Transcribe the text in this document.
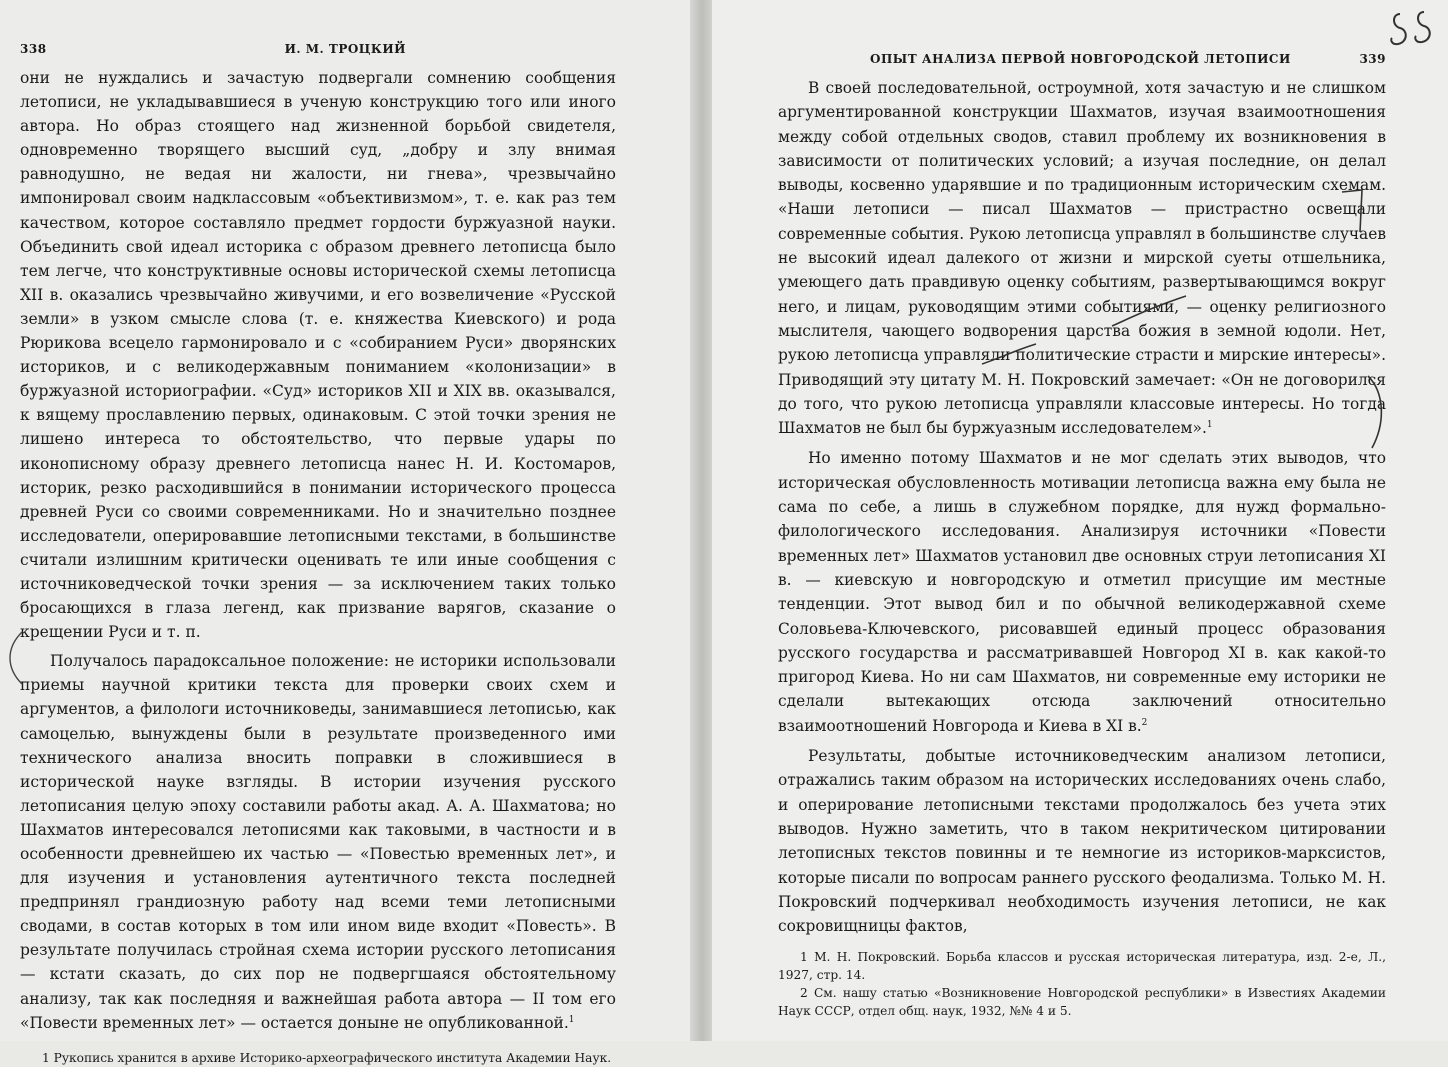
338	И. М. ТРОЦКИЙ

они не нуждались и зачастую подвергали сомнению сообщения летописи, не укладывавшиеся в ученую конструкцию того или иного автора. Но образ стоящего над жизненной борьбой свидетеля, одновременно творящего высший суд, „добру и злу внимая равнодушно, не ведая ни жалости, ни гнева», чрезвычайно импонировал своим надклассовым «объективизмом», т. е. как раз тем качеством, которое составляло предмет гордости буржуазной науки. Объединить свой идеал историка с образом древнего летописца было тем легче, что конструктивные основы исторической схемы летописца XII в. оказались чрезвычайно живучими, и его возвеличение «Русской земли» в узком смысле слова (т. е. княжества Киевского) и рода Рюрикова всецело гармонировало и с «собиранием Руси» дворянских историков, и с великодержавным пониманием «колонизации» в буржуазной историографии. «Суд» историков XII и XIX вв. оказывался, к вящему прославлению первых, одинаковым. С этой точки зрения не лишено интереса то обстоятельство, что первые удары по иконописному образу древнего летописца нанес Н. И. Костомаров, историк, резко расходившийся в понимании исторического процесса древней Руси со своими современниками. Но и значительно позднее исследователи, оперировавшие летописными текстами, в большинстве считали излишним критически оценивать те или иные сообщения с источниковедческой точки зрения — за исключением таких только бросающихся в глаза легенд, как призвание варягов, сказание о крещении Руси и т. п.

Получалось парадоксальное положение: не историки использовали приемы научной критики текста для проверки своих схем и аргументов, а филологи источниковеды, занимавшиеся летописью, как самоцелью, вынуждены были в результате произведенного ими технического анализа вносить поправки в сложившиеся в исторической науке взгляды. В истории изучения русского летописания целую эпоху составили работы акад. А. А. Шахматова; но Шахматов интересовался летописями как таковыми, в частности и в особенности древнейшею их частью — «Повестью временных лет», и для изучения и установления аутентичного текста последней предпринял грандиозную работу над всеми теми летописными сводами, в состав которых в том или ином виде входит «Повесть». В результате получилась стройная схема истории русского летописания — кстати сказать, до сих пор не подвергшаяся обстоятельному анализу, так как последняя и важнейшая работа автора — II том его «Повести временных лет» — остается доныне не опубликованной.$^1$

1 Рукопись хранится в архиве Историко-археографического института Академии Наук.

ОПЫТ АНАЛИЗА ПЕРВОЙ НОВГОРОДСКОЙ ЛЕТОПИСИ	339

В своей последовательной, остроумной, хотя зачастую и не слишком аргументированной конструкции Шахматов, изучая взаимоотношения между собой отдельных сводов, ставил проблему их возникновения в зависимости от политических условий; а изучая последние, он делал выводы, косвенно ударявшие и по традиционным историческим схемам. «Наши летописи — писал Шахматов — пристрастно освещали современные события. Рукою летописца управлял в большинстве случаев не высокий идеал далекого от жизни и мирской суеты отшельника, умеющего дать правдивую оценку событиям, развертывающимся вокруг него, и лицам, руководящим этими событиями, — оценку религиозного мыслителя, чающего водворения царства божия в земной юдоли. Нет, рукою летописца управляли политические страсти и мирские интересы». Приводящий эту цитату М. Н. Покровский замечает: «Он не договорился до того, что рукою летописца управляли классовые интересы. Но тогда Шахматов не был бы буржуазным исследователем».$^1$

Но именно потому Шахматов и не мог сделать этих выводов, что историческая обусловленность мотивации летописца важна ему была не сама по себе, а лишь в служебном порядке, для нужд формально-филологического исследования. Анализируя источники «Повести временных лет» Шахматов установил две основных струи летописания XI в. — киевскую и новгородскую и отметил присущие им местные тенденции. Этот вывод бил и по обычной великодержавной схеме Соловьева-Ключевского, рисовавшей единый процесс образования русского государства и рассматривавшей Новгород XI в. как какой-то пригород Киева. Но ни сам Шахматов, ни современные ему историки не сделали вытекающих отсюда заключений относительно взаимоотношений Новгорода и Киева в XI в.$^2$

Результаты, добытые источниковедческим анализом летописи, отражались таким образом на исторических исследованиях очень слабо, и оперирование летописными текстами продолжалось без учета этих выводов. Нужно заметить, что в таком некритическом цитировании летописных текстов повинны и те немногие из историков-марксистов, которые писали по вопросам раннего русского феодализма. Только М. Н. Покровский подчеркивал необходимость изучения летописи, не как сокровищницы фактов,

1 М. Н. Покровский. Борьба классов и русская историческая литература, изд. 2-е, Л., 1927, стр. 14.

2 См. нашу статью «Возникновение Новгородской республики» в Известиях Академии Наук СССР, отдел общ. наук, 1932, №№ 4 и 5.
